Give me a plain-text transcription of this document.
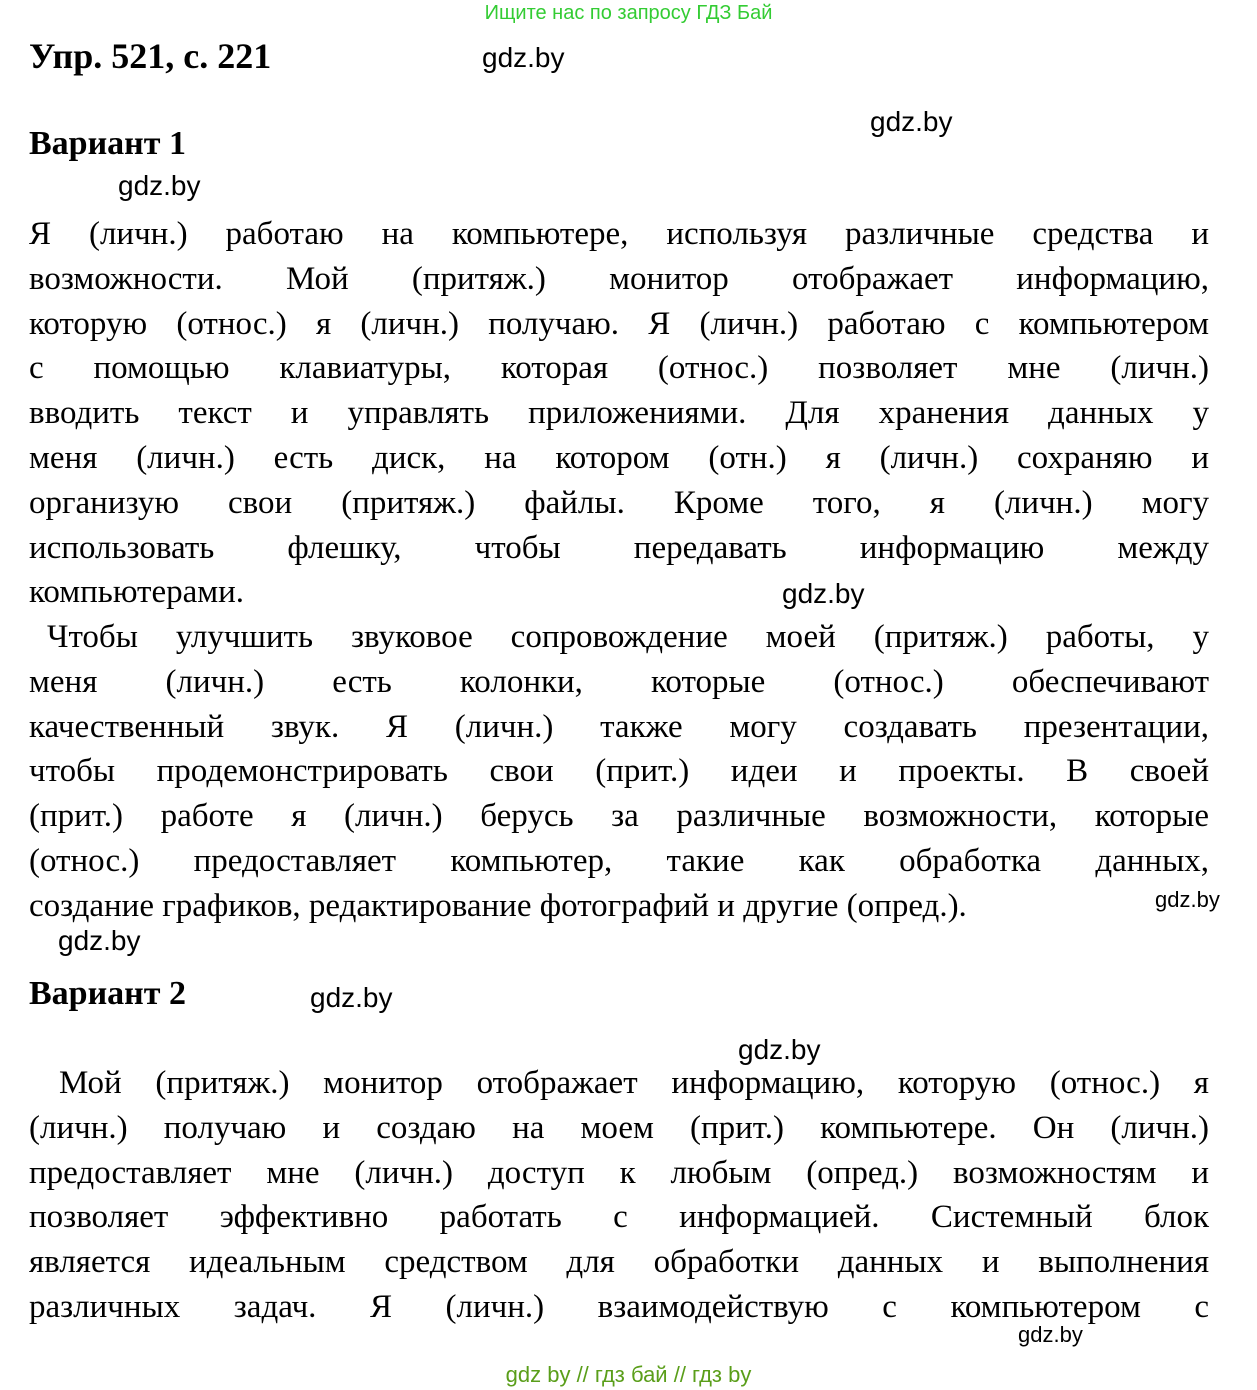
Ищите нас по запросу ГДЗ Бай
Упр. 521, с. 221	gdz.by
gdz.by
Вариант 1
gdz.by
Я (личн.) работаю на компьютере, используя различные средства и
возможности. Мой (притяж.) монитор отображает информацию,
которую (относ.) я (личн.) получаю. Я (личн.) работаю с компьютером
с помощью клавиатуры, которая (относ.) позволяет мне (личн.)
вводить текст и управлять приложениями. Для хранения данных у
меня (личн.) есть диск, на котором (отн.) я (личн.) сохраняю и
организую свои (притяж.) файлы. Кроме того, я (личн.) могу
использовать флешку, чтобы передавать информацию между
компьютерами.	gdz.by
Чтобы улучшить звуковое сопровождение моей (притяж.) работы, у
меня (личн.) есть колонки, которые (относ.) обеспечивают
качественный звук. Я (личн.) также могу создавать презентации,
чтобы продемонстрировать свои (прит.) идеи и проекты. В своей
(прит.) работе я (личн.) берусь за различные возможности, которые
(относ.) предоставляет компьютер, такие как обработка данных,
создание графиков, редактирование фотографий и другие (опред.).	gdz.by
gdz.by
Вариант 2	gdz.by
gdz.by
Мой (притяж.) монитор отображает информацию, которую (относ.) я
(личн.) получаю и создаю на моем (прит.) компьютере. Он (личн.)
предоставляет мне (личн.) доступ к любым (опред.) возможностям и
позволяет эффективно работать с информацией. Системный блок
является идеальным средством для обработки данных и выполнения
различных задач. Я (личн.) взаимодействую с компьютером с
gdz.by
gdz by // гдз бай // гдз by
